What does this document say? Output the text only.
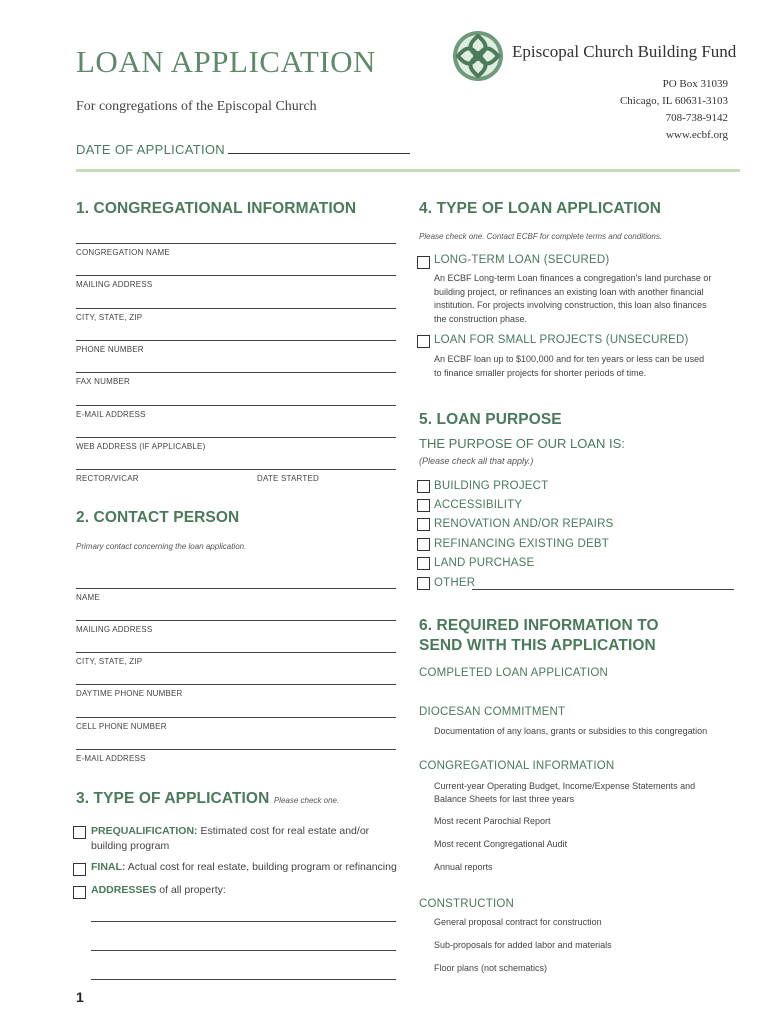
LOAN APPLICATION
For congregations of the Episcopal Church
DATE OF APPLICATION
Episcopal Church Building Fund
PO Box 31039
Chicago, IL 60631-3103
708-738-9142
www.ecbf.org
1. CONGREGATIONAL INFORMATION
CONGREGATION NAME
MAILING ADDRESS
CITY, STATE, ZIP
PHONE NUMBER
FAX NUMBER
E-MAIL ADDRESS
WEB ADDRESS (IF APPLICABLE)
RECTOR/VICAR	DATE STARTED
2. CONTACT PERSON
Primary contact concerning the loan application.
NAME
MAILING ADDRESS
CITY, STATE, ZIP
DAYTIME PHONE NUMBER
CELL PHONE NUMBER
E-MAIL ADDRESS
3. TYPE OF APPLICATION Please check one.
PREQUALIFICATION: Estimated cost for real estate and/or
building program
FINAL: Actual cost for real estate, building program or refinancing
ADDRESSES of all property:
1
4. TYPE OF LOAN APPLICATION
Please check one. Contact ECBF for complete terms and conditions.
LONG-TERM LOAN (SECURED)
An ECBF Long-term Loan finances a congregation's land purchase or
building project, or refinances an existing loan with another financial
institution. For projects involving construction, this loan also finances
the construction phase.
LOAN FOR SMALL PROJECTS (UNSECURED)
An ECBF loan up to $100,000 and for ten years or less can be used
to finance smaller projects for shorter periods of time.
5. LOAN PURPOSE
THE PURPOSE OF OUR LOAN IS:
(Please check all that apply.)
BUILDING PROJECT
ACCESSIBILITY
RENOVATION AND/OR REPAIRS
REFINANCING EXISTING DEBT
LAND PURCHASE
OTHER
6. REQUIRED INFORMATION TO
SEND WITH THIS APPLICATION
COMPLETED LOAN APPLICATION
DIOCESAN COMMITMENT
Documentation of any loans, grants or subsidies to this congregation
CONGREGATIONAL INFORMATION
Current-year Operating Budget, Income/Expense Statements and
Balance Sheets for last three years
Most recent Parochial Report
Most recent Congregational Audit
Annual reports
CONSTRUCTION
General proposal contract for construction
Sub-proposals for added labor and materials
Floor plans (not schematics)
